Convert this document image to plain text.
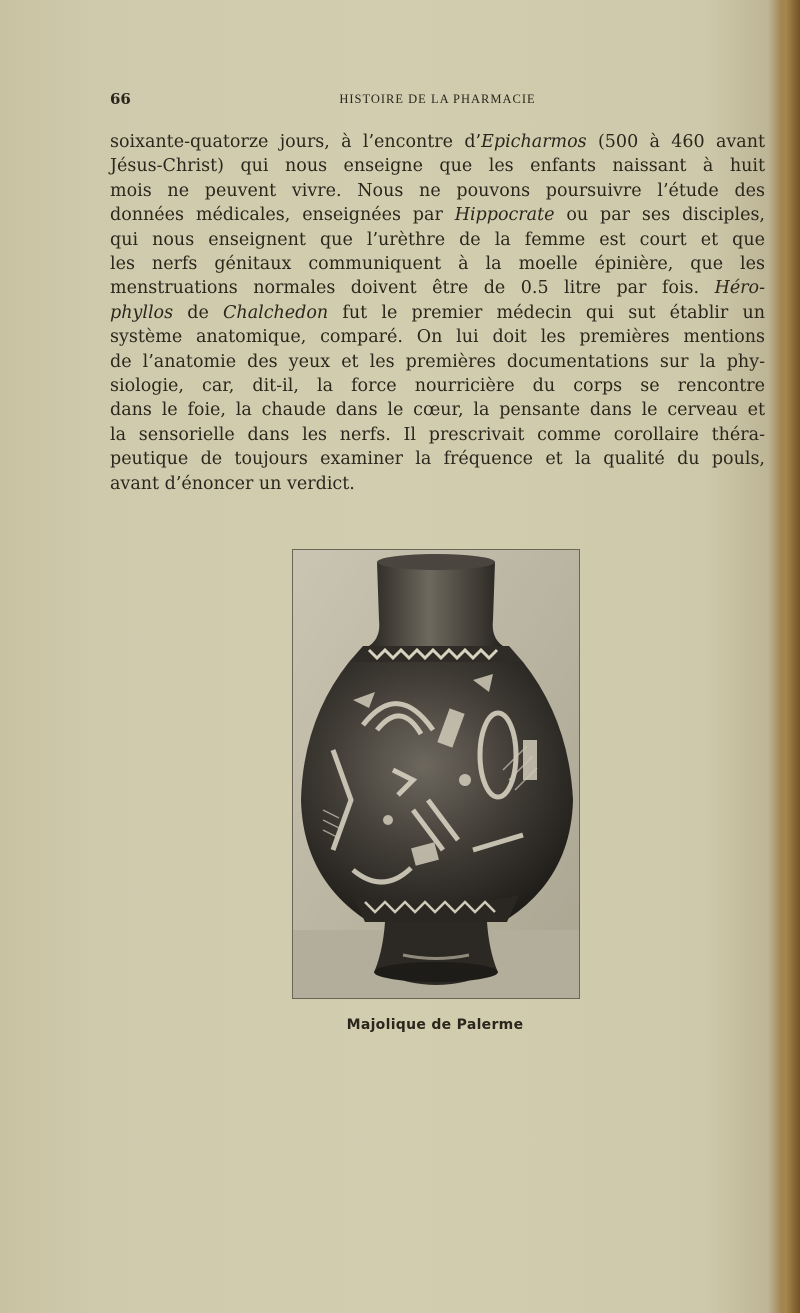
66	HISTOIRE DE LA PHARMACIE
soixante-quatorze jours, à l’encontre d’Epicharmos (500 à 460 avant
Jésus-Christ) qui nous enseigne que les enfants naissant à huit
mois ne peuvent vivre. Nous ne pouvons poursuivre l’étude des
données médicales, enseignées par Hippocrate ou par ses disciples,
qui nous enseignent que l’urèthre de la femme est court et que
les nerfs génitaux communiquent à la moelle épinière, que les
menstruations normales doivent être de 0.5 litre par fois. Héro-
phyllos de Chalchedon fut le premier médecin qui sut établir un
système anatomique, comparé. On lui doit les premières mentions
de l’anatomie des yeux et les premières documentations sur la phy-
siologie, car, dit-il, la force nourricière du corps se rencontre
dans le foie, la chaude dans le cœur, la pensante dans le cerveau et
la sensorielle dans les nerfs. Il prescrivait comme corollaire théra-
peutique de toujours examiner la fréquence et la qualité du pouls,
avant d’énoncer un verdict.
Majolique de Palerme
